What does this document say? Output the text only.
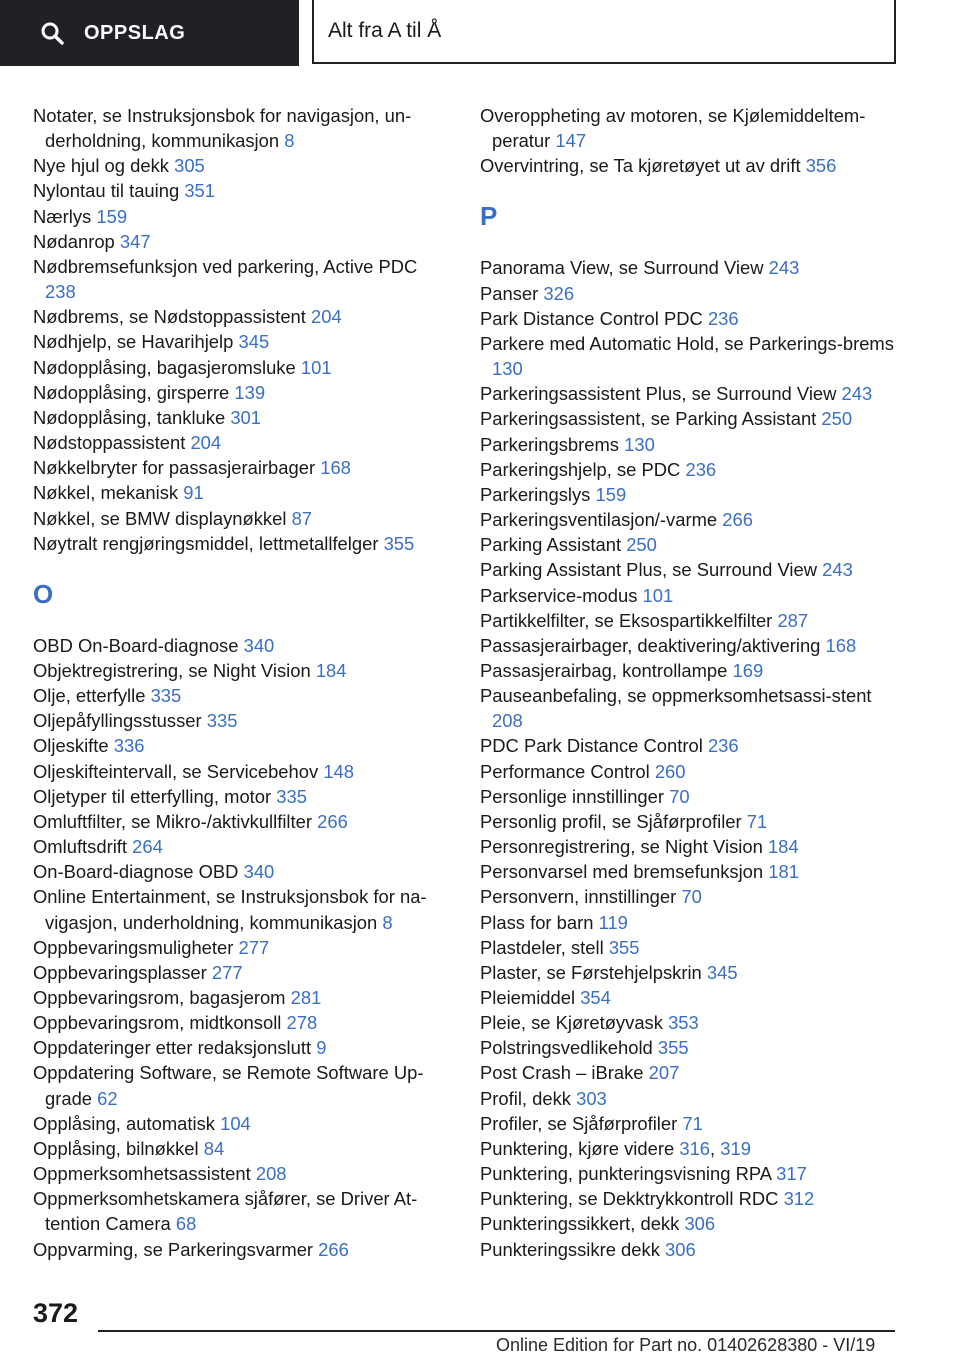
OPPSLAG	Alt fra A til Å
Notater, se Instruksjonsbok for navigasjon, un-derholdning, kommunikasjon 8
Nye hjul og dekk 305
Nylontau til tauing 351
Nærlys 159
Nødanrop 347
Nødbremsefunksjon ved parkering, Active PDC 238
Nødbrems, se Nødstoppassistent 204
Nødhjelp, se Havarihjelp 345
Nødopplåsing, bagasjeromsluke 101
Nødopplåsing, girsperre 139
Nødopplåsing, tankluke 301
Nødstoppassistent 204
Nøkkelbryter for passasjerairbager 168
Nøkkel, mekanisk 91
Nøkkel, se BMW displaynøkkel 87
Nøytralt rengjøringsmiddel, lettmetallfelger 355
O
OBD On-Board-diagnose 340
Objektregistrering, se Night Vision 184
Olje, etterfylle 335
Oljepåfyllingsstusser 335
Oljeskifte 336
Oljeskifteintervall, se Servicebehov 148
Oljetyper til etterfylling, motor 335
Omluftfilter, se Mikro-/aktivkullfilter 266
Omluftsdrift 264
On-Board-diagnose OBD 340
Online Entertainment, se Instruksjonsbok for na-vigasjon, underholdning, kommunikasjon 8
Oppbevaringsmuligheter 277
Oppbevaringsplasser 277
Oppbevaringsrom, bagasjerom 281
Oppbevaringsrom, midtkonsoll 278
Oppdateringer etter redaksjonslutt 9
Oppdatering Software, se Remote Software Up-grade 62
Opplåsing, automatisk 104
Opplåsing, bilnøkkel 84
Oppmerksomhetsassistent 208
Oppmerksomhetskamera sjåfører, se Driver At-tention Camera 68
Oppvarming, se Parkeringsvarmer 266
Overoppheting av motoren, se Kjølemiddeltem-peratur 147
Overvintring, se Ta kjøretøyet ut av drift 356
P
Panorama View, se Surround View 243
Panser 326
Park Distance Control PDC 236
Parkere med Automatic Hold, se Parkerings-brems 130
Parkeringsassistent Plus, se Surround View 243
Parkeringsassistent, se Parking Assistant 250
Parkeringsbrems 130
Parkeringshjelp, se PDC 236
Parkeringslys 159
Parkeringsventilasjon/-varme 266
Parking Assistant 250
Parking Assistant Plus, se Surround View 243
Parkservice-modus 101
Partikkelfilter, se Eksospartikkelfilter 287
Passasjerairbager, deaktivering/aktivering 168
Passasjerairbag, kontrollampe 169
Pauseanbefaling, se oppmerksomhetsassi-stent 208
PDC Park Distance Control 236
Performance Control 260
Personlige innstillinger 70
Personlig profil, se Sjåførprofiler 71
Personregistrering, se Night Vision 184
Personvarsel med bremsefunksjon 181
Personvern, innstillinger 70
Plass for barn 119
Plastdeler, stell 355
Plaster, se Førstehjelpskrin 345
Pleiemiddel 354
Pleie, se Kjøretøyvask 353
Polstringsvedlikehold 355
Post Crash – iBrake 207
Profil, dekk 303
Profiler, se Sjåførprofiler 71
Punktering, kjøre videre 316, 319
Punktering, punkteringsvisning RPA 317
Punktering, se Dekktrykkontroll RDC 312
Punkteringssikkert, dekk 306
Punkteringssikre dekk 306
372
Online Edition for Part no. 01402628380 - VI/19
